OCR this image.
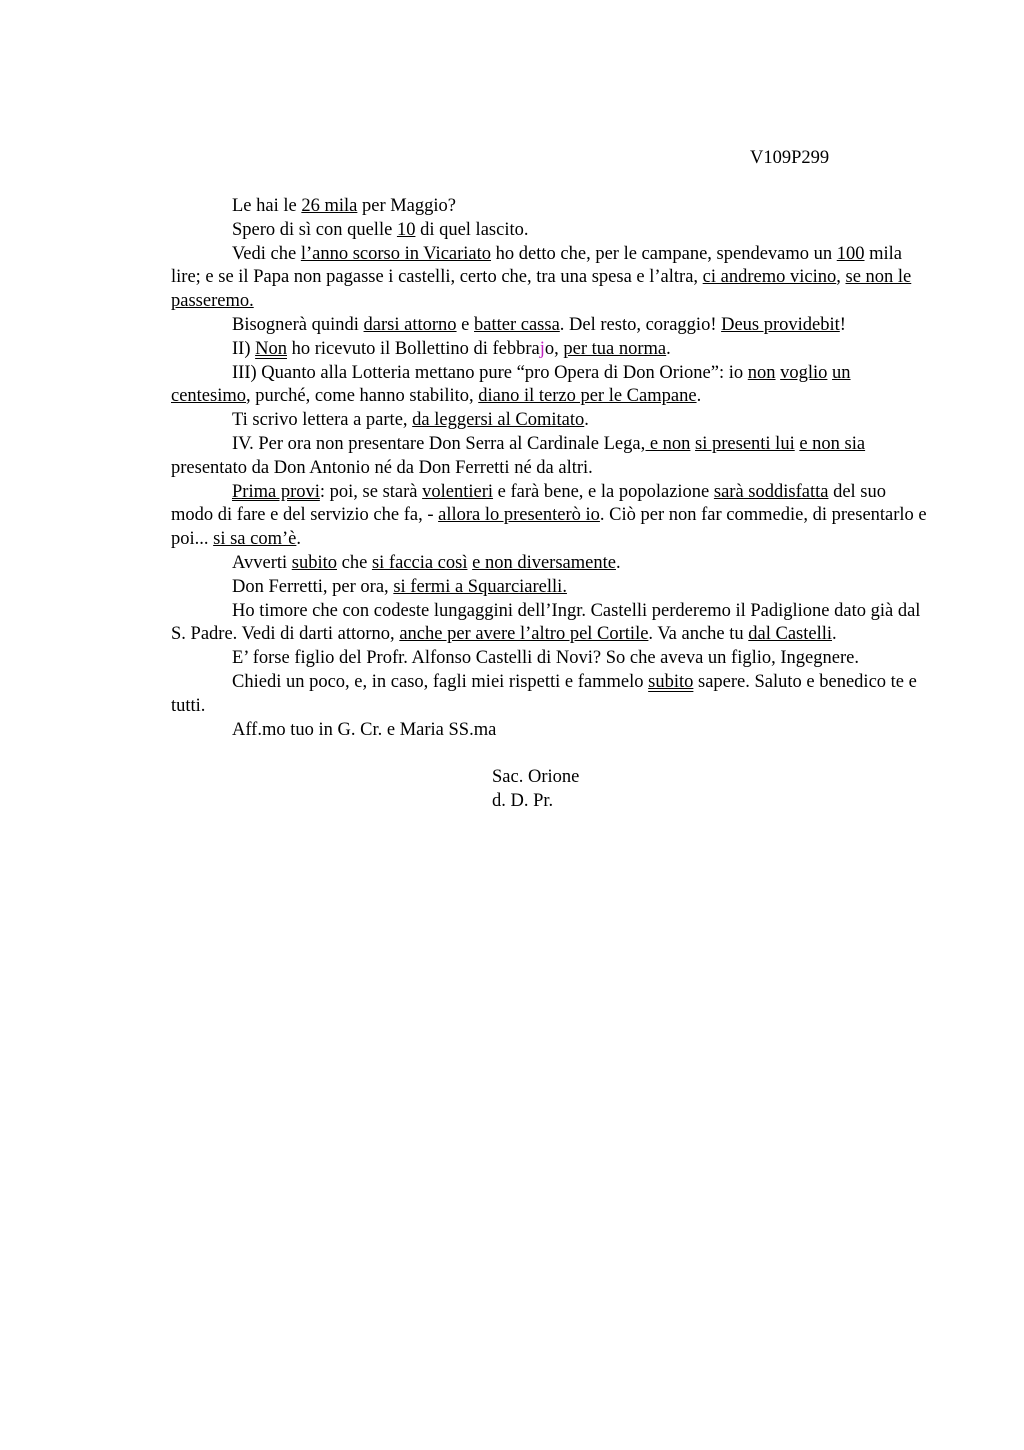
V109P299

Le hai le 26 mila per Maggio?

Spero di sì con quelle 10 di quel lascito.

Vedi che l’anno scorso in Vicariato ho detto che, per le campane, spendevamo un 100 mila lire; e se il Papa non pagasse i castelli, certo che, tra una spesa e l’altra, ci andremo vicino, se non le passeremo.

Bisognerà quindi darsi attorno e batter cassa. Del resto, coraggio! Deus providebit!

II) Non ho ricevuto il Bollettino di febbrajo, per tua norma.

III) Quanto alla Lotteria mettano pure “pro Opera di Don Orione”: io non voglio un centesimo, purché, come hanno stabilito, diano il terzo per le Campane.

Ti scrivo lettera a parte, da leggersi al Comitato.

IV. Per ora non presentare Don Serra al Cardinale Lega, e non si presenti lui e non sia presentato da Don Antonio né da Don Ferretti né da altri.

Prima provi: poi, se starà volentieri e farà bene, e la popolazione sarà soddisfatta del suo modo di fare e del servizio che fa, - allora lo presenterò io. Ciò per non far commedie, di presentarlo e poi... si sa com’è.

Avverti subito che si faccia così e non diversamente.

Don Ferretti, per ora, si fermi a Squarciarelli.

Ho timore che con codeste lungaggini dell’Ingr. Castelli perderemo il Padiglione dato già dal S. Padre. Vedi di darti attorno, anche per avere l’altro pel Cortile. Va anche tu dal Castelli.

E’ forse figlio del Profr. Alfonso Castelli di Novi? So che aveva un figlio, Ingegnere.

Chiedi un poco, e, in caso, fagli miei rispetti e fammelo subito sapere. Saluto e benedico te e tutti.

Aff.mo tuo in G. Cr. e Maria SS.ma

Sac. Orione

d. D. Pr.
